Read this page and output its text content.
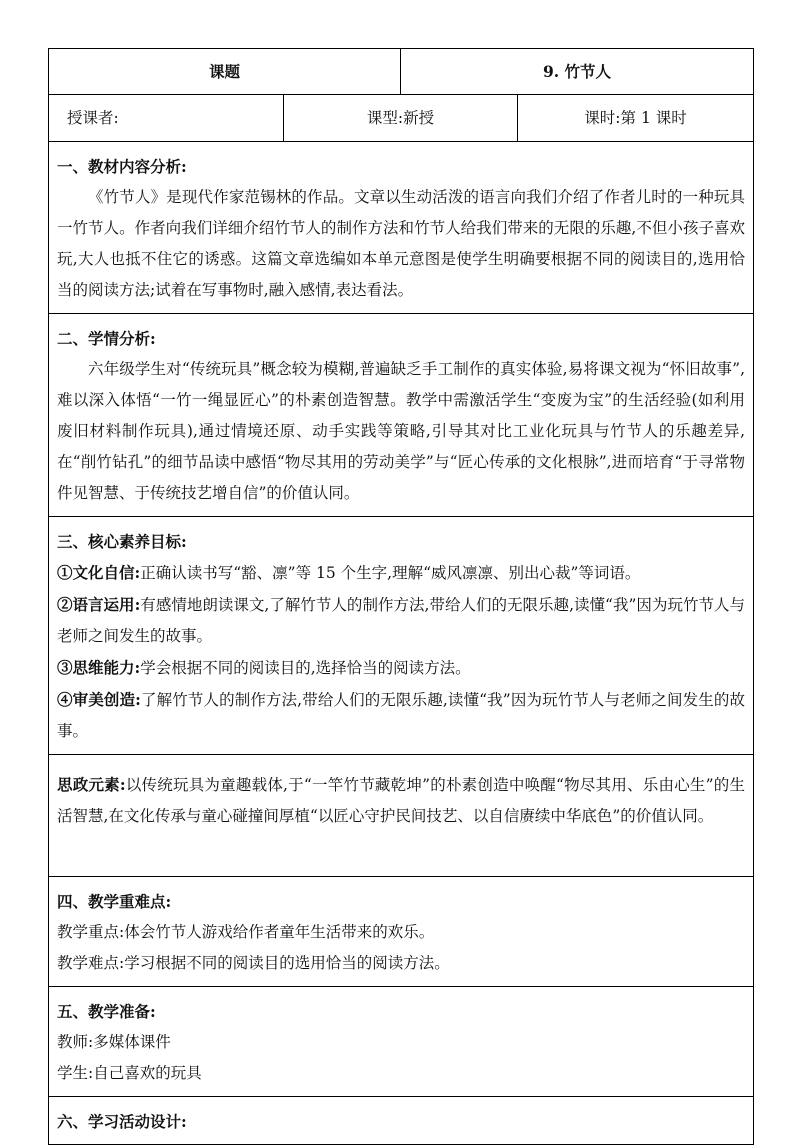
课题		9. 竹节人	
授课者:	课型:新授		课时:第 1 课时

一、教材内容分析:

《竹节人》是现代作家范锡林的作品。文章以生动活泼的语言向我们介绍了作者儿时的一种玩具一竹节人。作者向我们详细介绍竹节人的制作方法和竹节人给我们带来的无限的乐趣,不但小孩子喜欢玩,大人也抵不住它的诱惑。这篇文章选编如本单元意图是使学生明确要根据不同的阅读目的,选用恰当的阅读方法;试着在写事物时,融入感情,表达看法。			

二、学情分析:

六年级学生对“传统玩具”概念较为模糊,普遍缺乏手工制作的真实体验,易将课文视为“怀旧故事”,难以深入体悟“一竹一绳显匠心”的朴素创造智慧。教学中需激活学生“变废为宝”的生活经验(如利用废旧材料制作玩具),通过情境还原、动手实践等策略,引导其对比工业化玩具与竹节人的乐趣差异,在“削竹钻孔”的细节品读中感悟“物尽其用的劳动美学”与“匠心传承的文化根脉”,进而培育“于寻常物件见智慧、于传统技艺增自信”的价值认同。			

三、核心素养目标:

①文化自信:正确认读书写“豁、凛”等 15 个生字,理解“威风凛凛、别出心裁”等词语。

②语言运用:有感情地朗读课文,了解竹节人的制作方法,带给人们的无限乐趣,读懂“我”因为玩竹节人与老师之间发生的故事。

③思维能力:学会根据不同的阅读目的,选择恰当的阅读方法。

④审美创造:了解竹节人的制作方法,带给人们的无限乐趣,读懂“我”因为玩竹节人与老师之间发生的故事。			

思政元素:以传统玩具为童趣载体,于“一竿竹节藏乾坤”的朴素创造中唤醒“物尽其用、乐由心生”的生活智慧,在文化传承与童心碰撞间厚植“以匠心守护民间技艺、以自信赓续中华底色”的价值认同。			

四、教学重难点:

教学重点:体会竹节人游戏给作者童年生活带来的欢乐。

教学难点:学习根据不同的阅读目的选用恰当的阅读方法。			

五、教学准备:

教师:多媒体课件

学生:自己喜欢的玩具			

六、学习活动设计:			
